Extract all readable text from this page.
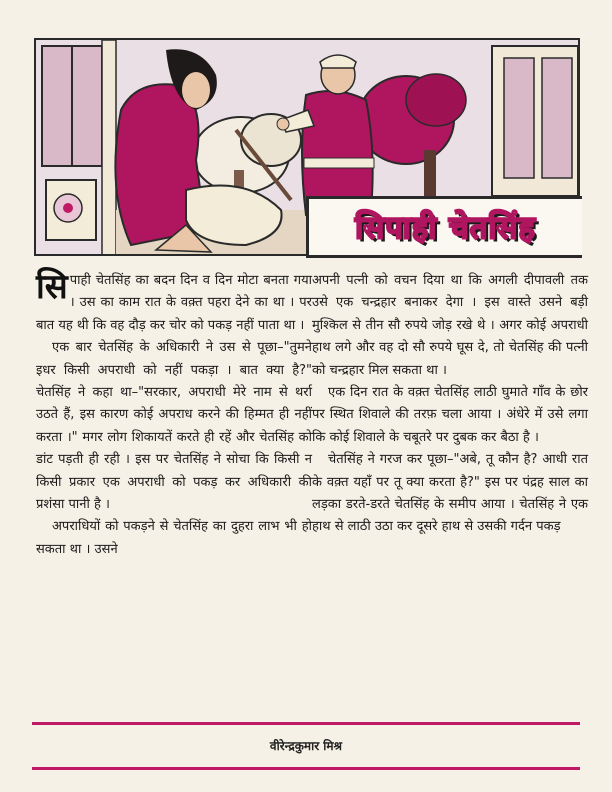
सिपाही चेतसिंह

सिपाही चेतसिंह का बदन दिन व दिन मोटा बनता गया । उस का काम रात के वक़्त पहरा देने का था । पर बात यह थी कि वह दौड़ कर चोर को पकड़ नहीं पाता था ।

एक बार चेतसिंह के अधिकारी ने उस से पूछा–"तुमने इधर किसी अपराधी को नहीं पकड़ा । बात क्या है?" चेतसिंह ने कहा था–"सरकार, अपराधी मेरे नाम से थर्रा उठते हैं, इस कारण कोई अपराध करने की हिम्मत ही नहीं करता ।" मगर लोग शिकायतें करते ही रहें और चेतसिंह को डांट पड़ती ही रही । इस पर चेतसिंह ने सोचा कि किसी न किसी प्रकार एक अपराधी को पकड़ कर अधिकारी की प्रशंसा पानी है ।

अपराधियों को पकड़ने से चेतसिंह का दुहरा लाभ भी हो सकता था । उसने

अपनी पत्नी को वचन दिया था कि अगली दीपावली तक उसे एक चन्द्रहार बनाकर देगा । इस वास्ते उसने बड़ी मुश्किल से तीन सौ रुपये जोड़ रखे थे । अगर कोई अपराधी हाथ लगे और वह दो सौ रुपये घूस दे, तो चेतसिंह की पत्नी को चन्द्रहार मिल सकता था ।

एक दिन रात के वक़्त चेतसिंह लाठी घुमाते गाँव के छोर पर स्थित शिवाले की तरफ़ चला आया । अंधेरे में उसे लगा कि कोई शिवाले के चबूतरे पर दुबक कर बैठा है ।

चेतसिंह ने गरज कर पूछा–"अबे, तू कौन है? आधी रात के वक़्त यहाँ पर तू क्या करता है?" इस पर पंद्रह साल का लड़का डरते-डरते चेतसिंह के समीप आया । चेतसिंह ने एक हाथ से लाठी उठा कर दूसरे हाथ से उसकी गर्दन पकड़

वीरेन्द्रकुमार मिश्र
